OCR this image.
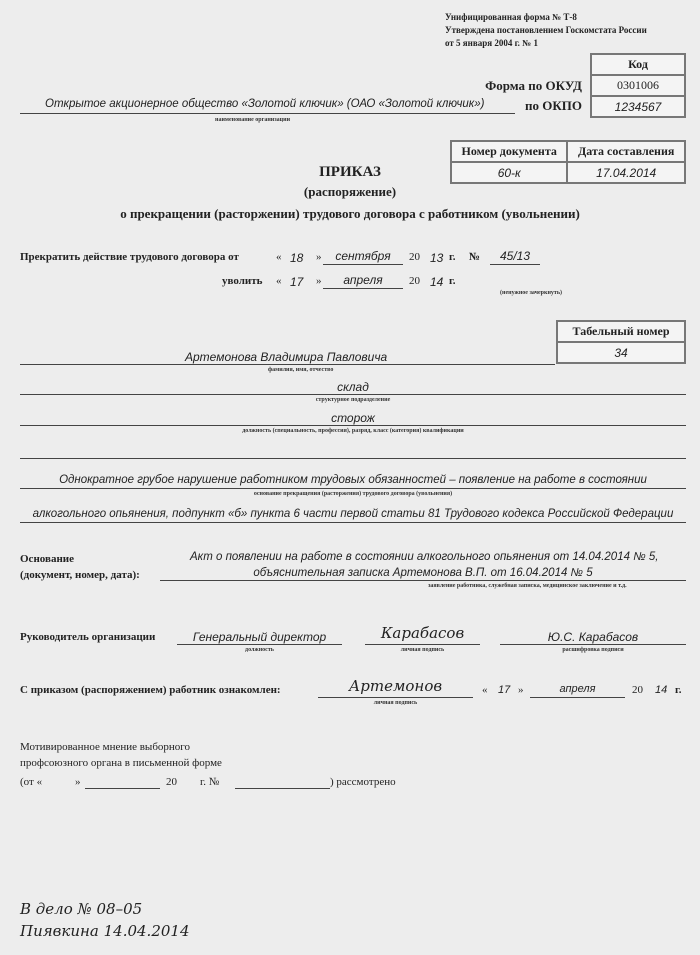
Унифицированная форма № Т-8
Утверждена постановлением Госкомстата России
от 5 января 2004 г. № 1
Код
0301006
1234567
Форма по ОКУД
по ОКПО
Открытое акционерное общество «Золотой ключик» (ОАО «Золотой ключик»)
наименование организации
Номер документа	Дата составления
60-к	17.04.2014
ПРИКАЗ
(распоряжение)
о прекращении (расторжении) трудового договора с работником (увольнении)
Прекратить действие трудового договора от	« 18 »	сентября	20 13 г. №	45/13
уволить « 17 »	апреля	20 14 г.
(ненужное зачеркнуть)
Табельный номер
34
Артемонова Владимира Павловича
фамилия, имя, отчество
склад
структурное подразделение
сторож
должность (специальность, профессия), разряд, класс (категория) квалификации
Однократное грубое нарушение работником трудовых обязанностей – появление на работе в состоянии
основание прекращения (расторжения) трудового договора (увольнения)
алкогольного опьянения, подпункт «б» пункта 6 части первой статьи 81 Трудового кодекса Российской Федерации
Основание
(документ, номер, дата):
Акт о появлении на работе в состоянии алкогольного опьянения от 14.04.2014 № 5,
объяснительная записка Артемонова В.П. от 16.04.2014 № 5
заявление работника, служебная записка, медицинское заключение и т.д.
Руководитель организации	Генеральный директор
должность
Карабасов
личная подпись
Ю.С. Карабасов
расшифровка подписи
С приказом (распоряжением) работник ознакомлен:	Артемонов
личная подпись
« 17 »	апреля	20 14 г.
Мотивированное мнение выборного
профсоюзного органа в письменной форме
(от «	»	20 г. №	) рассмотрено
В дело № 08–05
Пиявкина 14.04.2014
